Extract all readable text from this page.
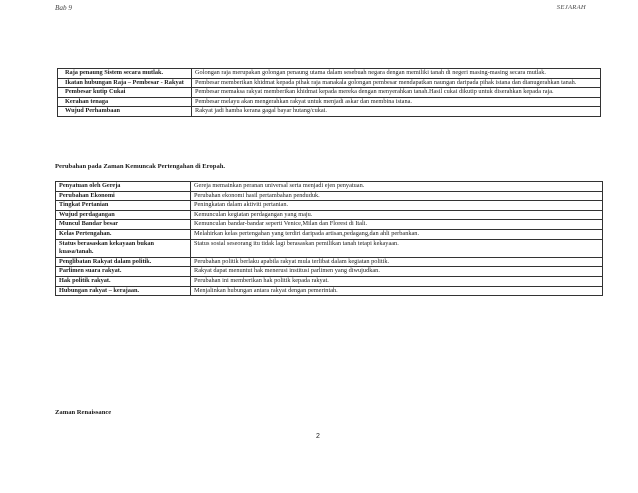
Bab 9	SEJARAH
Raja penaung Sistem secara mutlak.	Golongan raja merupakan golongan penaung utama dalam sesebuah negara dengan memiliki tanah di negeri masing-masing secara mutlak.
Ikatan hubungan Raja – Pembesar - Rakyat	Pembesar memberikan khidmat kepada pihak raja manakala golongan pembesar mendapatkan naungan daripada pihak istana dan dianugerahkan tanah.
Pembesar kutip Cukai	Pembesar memaksa rakyat memberikan khidmat kepada mereka dengan menyerahkan tanah.Hasil cukai dikutip untuk diserahkan kepada raja.
Kerahan tenaga	Pembesar melayu akan mengerahkan rakyat untuk menjadi askar dan membina istana.
Wujud Perhambaan	Rakyat jadi hamba kerana gagal bayar hutang/cukai.
Perubahan pada Zaman Kemuncak Pertengahan di Eropah.
Penyatuan oleh Gereja	Gereja memainkan peranan universal serta menjadi ejen penyatuan.
Perubahan Ekonomi	Perubahan ekonomi hasil pertambahan penduduk.
Tingkat Pertanian	Peningkatan dalam aktiviti pertanian.
Wujud perdagangan	Kemunculan kegiatan perdagangan yang maju.
Muncul Bandar besar	Kemunculan bandar-bandar seperti Venice,Milan dan Florest di Itali.
Kelas Pertengahan.	Melahirkan kelas pertengahan yang terdiri daripada artisan,pedagang,dan ahli perbankan.
Status berasaskan kekayaan bukan kuasa/tanah.	Status sosial seseorang itu tidak lagi berasaskan pemilikan tanah tetapi kekayaan.
Penglibatan Rakyat dalam politik.	Perubahan politik berlaku apabila rakyat mula terlibat dalam kegiatan politik.
Parlimen suara rakyat.	Rakyat dapat menuntut hak menerusi institusi parlimen yang diwujudkan.
Hak politik rakyat.	Perubahan ini memberikan hak politik kepada rakyat.
Hubungan rakyat – kerajaan.	Menjalinkan hubungan antara rakyat dengan pemerintah.
Zaman Renaissance
2
